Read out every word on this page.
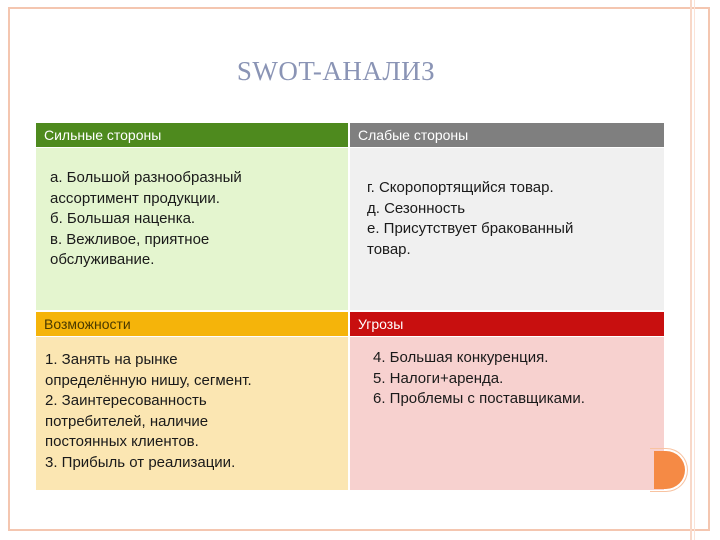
SWOT-АНАЛИЗ
Сильные стороны
а. Большой разнообразный
ассортимент продукции.
б. Большая наценка.
в. Вежливое, приятное
обслуживание.
Слабые стороны
г. Скоропортящийся товар.
д. Сезонность
е. Присутствует бракованный
товар.
Возможности
1. Занять на рынке
определённую нишу, сегмент.
2. Заинтересованность
потребителей, наличие
постоянных клиентов.
3. Прибыль от реализации.
Угрозы
4. Большая конкуренция.
5. Налоги+аренда.
6. Проблемы с поставщиками.
